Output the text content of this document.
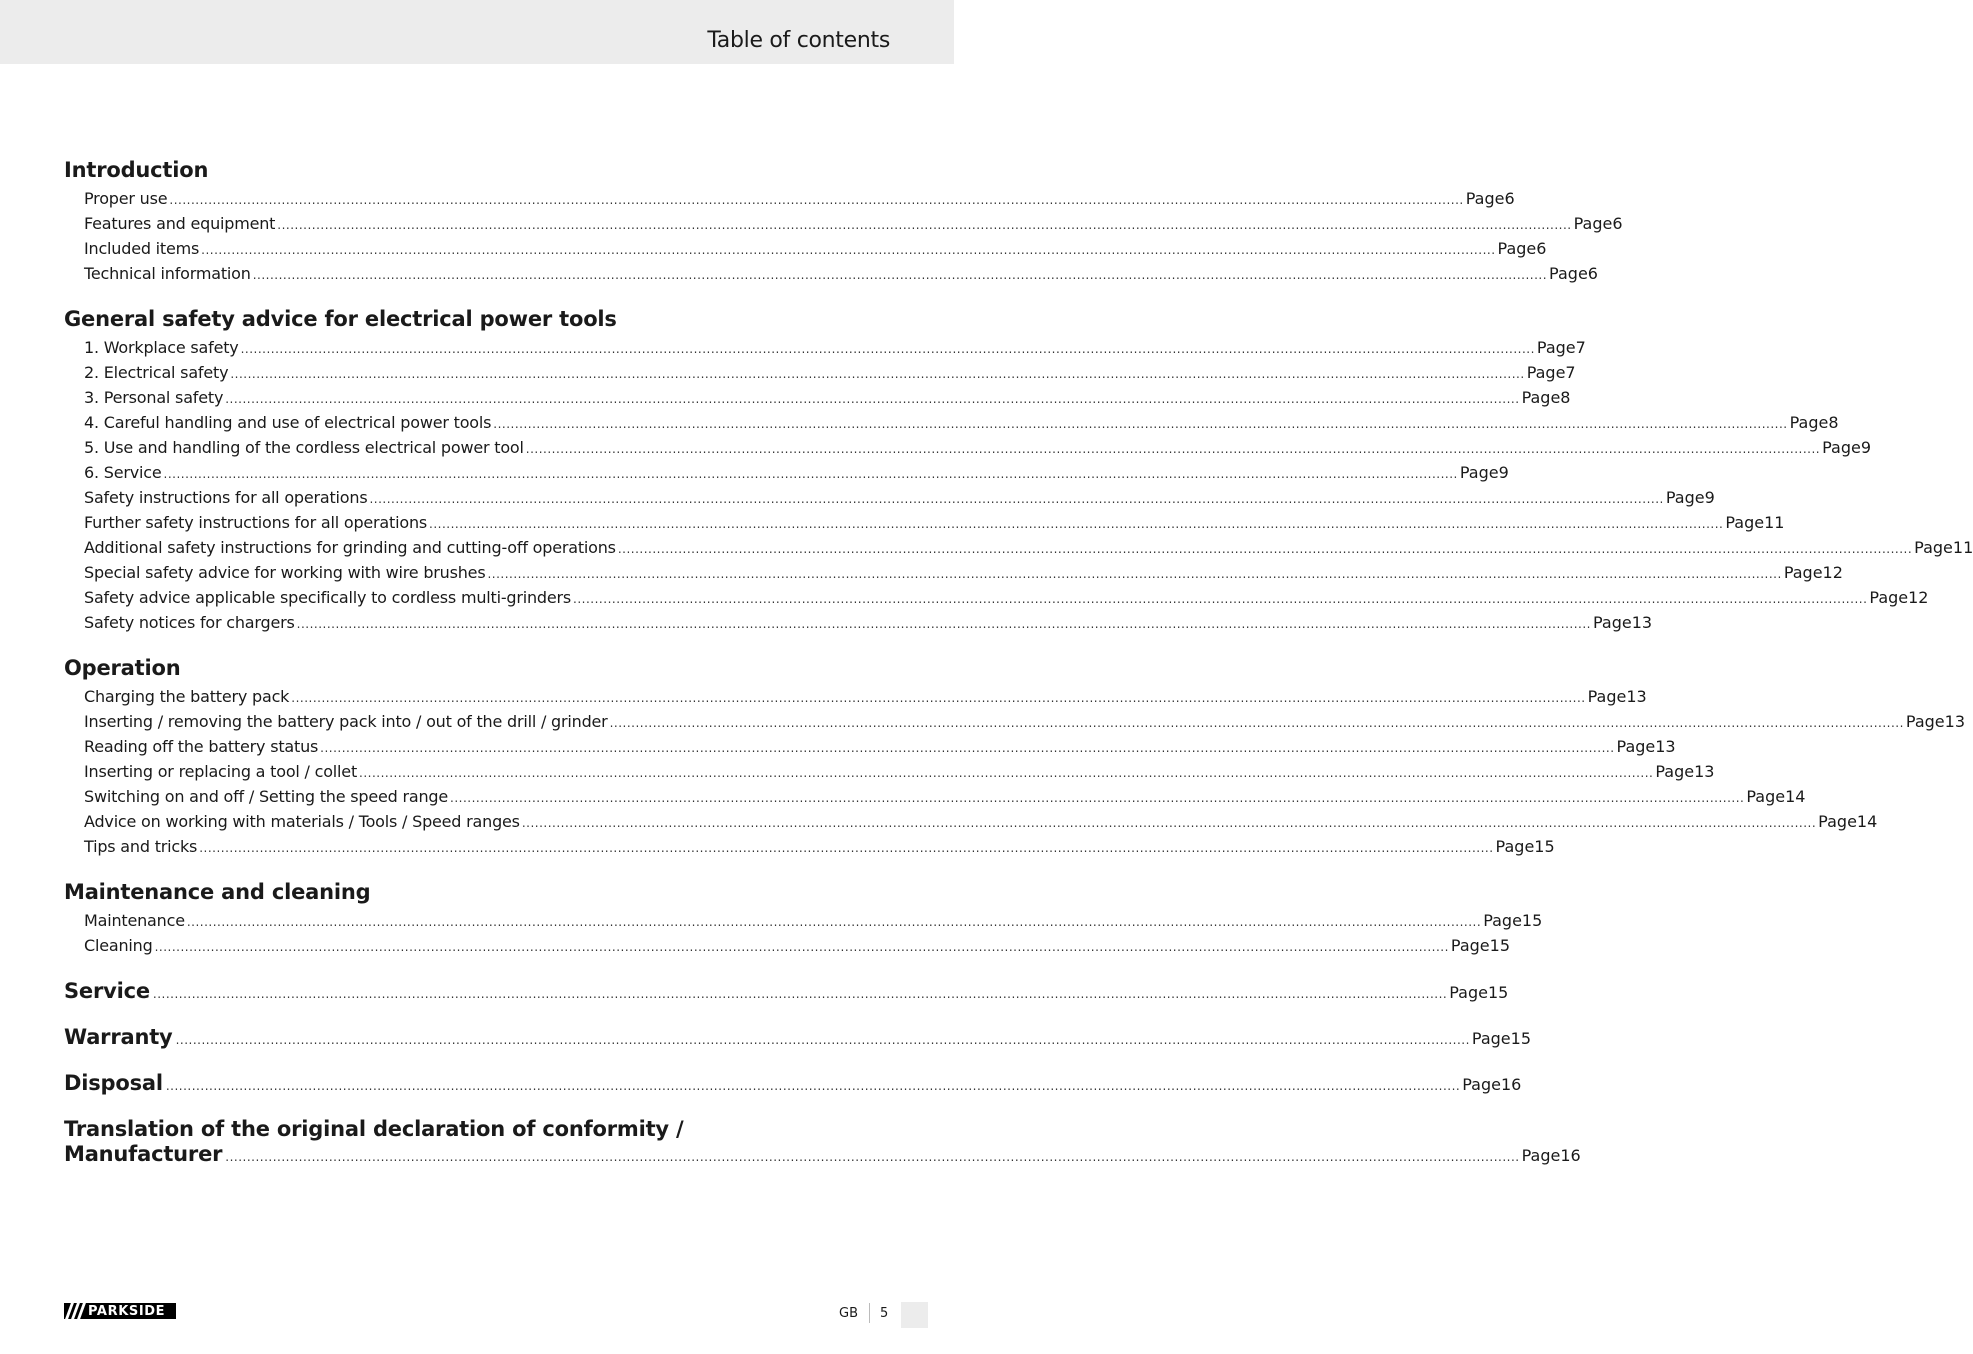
Table of contents
Introduction
Proper use ............................................................................................................................................................................................................................................................................................................ Page 6
Features and equipment ............................................................................................................................................................................................................................................................................................................ Page 6
Included items ............................................................................................................................................................................................................................................................................................................ Page 6
Technical information ............................................................................................................................................................................................................................................................................................................ Page 6
General safety advice for electrical power tools
1. Workplace safety ............................................................................................................................................................................................................................................................................................................ Page 7
2. Electrical safety ............................................................................................................................................................................................................................................................................................................ Page 7
3. Personal safety ............................................................................................................................................................................................................................................................................................................ Page 8
4. Careful handling and use of electrical power tools ............................................................................................................................................................................................................................................................................................................ Page 8
5. Use and handling of the cordless electrical power tool ............................................................................................................................................................................................................................................................................................................ Page 9
6. Service ............................................................................................................................................................................................................................................................................................................ Page 9
Safety instructions for all operations ............................................................................................................................................................................................................................................................................................................ Page 9
Further safety instructions for all operations ............................................................................................................................................................................................................................................................................................................ Page 11
Additional safety instructions for grinding and cutting-off operations ............................................................................................................................................................................................................................................................................................................ Page 11
Special safety advice for working with wire brushes ............................................................................................................................................................................................................................................................................................................ Page 12
Safety advice applicable specifically to cordless multi-grinders ............................................................................................................................................................................................................................................................................................................ Page 12
Safety notices for chargers ............................................................................................................................................................................................................................................................................................................ Page 13
Operation
Charging the battery pack ............................................................................................................................................................................................................................................................................................................ Page 13
Inserting / removing the battery pack into / out of the drill / grinder ............................................................................................................................................................................................................................................................................................................ Page 13
Reading off the battery status ............................................................................................................................................................................................................................................................................................................ Page 13
Inserting or replacing a tool / collet ............................................................................................................................................................................................................................................................................................................ Page 13
Switching on and off / Setting the speed range ............................................................................................................................................................................................................................................................................................................ Page 14
Advice on working with materials / Tools / Speed ranges ............................................................................................................................................................................................................................................................................................................ Page 14
Tips and tricks ............................................................................................................................................................................................................................................................................................................ Page 15
Maintenance and cleaning
Maintenance ............................................................................................................................................................................................................................................................................................................ Page 15
Cleaning ............................................................................................................................................................................................................................................................................................................ Page 15
Service ............................................................................................................................................................................................................................................................................................................ Page 15
Warranty ............................................................................................................................................................................................................................................................................................................ Page 15
Disposal ............................................................................................................................................................................................................................................................................................................ Page 16
Translation of the original declaration of conformity /
Manufacturer ............................................................................................................................................................................................................................................................................................................ Page 16
PARKSIDE	GB 5
